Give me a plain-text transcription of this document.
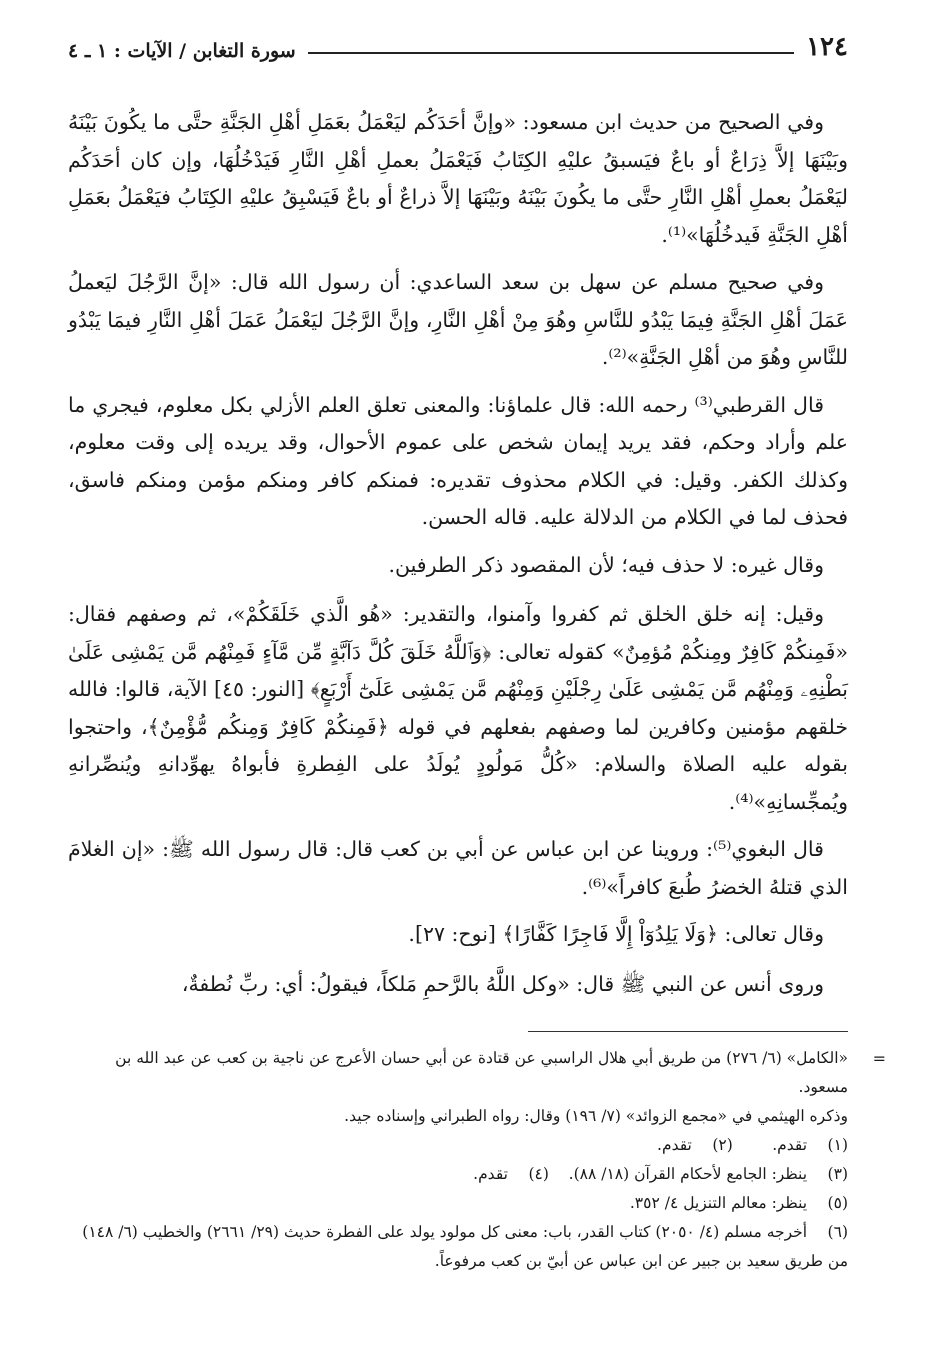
١٢٤
سورة التغابن / الآيات : ١ ـ ٤

وفي الصحيح من حديث ابن مسعود: «وإنَّ أحَدَكُم ليَعْمَلُ بعَمَلِ أهْلِ الجَنَّةِ حتَّى ما يكُونَ بَيْنَهُ وبَيْنَهَا إلاَّ ذِرَاعٌ أو باعٌ فيَسبقُ عليْهِ الكِتَابُ فَيَعْمَلُ بعملِ أهْلِ النَّارِ فَيَدْخُلُهَا، وإن كان أحَدَكُم ليَعْمَلُ بعملِ أهْلِ النَّارِ حتَّى ما يكُونَ بَيْنَهُ وبَيْنَهَا إلاَّ ذراعٌ أو باعٌ فَيَسْبِقُ عليْهِ الكِتَابُ فيَعْمَلُ بعَمَلِ أهْلِ الجَنَّةِ فَيدخُلُهَا»⁽¹⁾.

وفي صحيح مسلم عن سهل بن سعد الساعدي: أن رسول الله قال: «إنَّ الرَّجُلَ ليَعملُ عَمَلَ أهْلِ الجَنَّةِ فِيمَا يَبْدُو للنَّاسِ وهُوَ مِنْ أهْلِ النَّارِ، وإنَّ الرَّجُلَ ليَعْمَلُ عَمَلَ أهْلِ النَّارِ فيمَا يَبْدُو للنَّاسِ وهُوَ من أهْلِ الجَنَّةِ»⁽²⁾.

قال القرطبي⁽³⁾ رحمه الله: قال علماؤنا: والمعنى تعلق العلم الأزلي بكل معلوم، فيجري ما علم وأراد وحكم، فقد يريد إيمان شخص على عموم الأحوال، وقد يريده إلى وقت معلوم، وكذلك الكفر. وقيل: في الكلام محذوف تقديره: فمنكم كافر ومنكم مؤمن ومنكم فاسق، فحذف لما في الكلام من الدلالة عليه. قاله الحسن.

وقال غيره: لا حذف فيه؛ لأن المقصود ذكر الطرفين.

وقيل: إنه خلق الخلق ثم كفروا وآمنوا، والتقدير: «هُو الَّذي خَلَقَكُمْ»، ثم وصفهم فقال: «فَمِنكُمْ كَافِرٌ ومِنكُمْ مُؤمِنٌ» كقوله تعالى: ﴿وَٱللَّهُ خَلَقَ كُلَّ دَآبَّةٍ مِّن مَّآءٍ فَمِنْهُم مَّن يَمْشِى عَلَىٰ بَطْنِهِۦ وَمِنْهُم مَّن يَمْشِى عَلَىٰ رِجْلَيْنِ وَمِنْهُم مَّن يَمْشِى عَلَىٰٓ أَرْبَعٍ﴾ [النور: ٤٥] الآية، قالوا: فالله خلقهم مؤمنين وكافرين لما وصفهم بفعلهم في قوله ﴿فَمِنكُمْ كَافِرٌ وَمِنكُم مُّؤْمِنٌ﴾، واحتجوا بقوله عليه الصلاة والسلام: «كُلُّ مَولُودٍ يُولَدُ على الفِطرةِ فأبواهُ يهوِّدانهِ ويُنصِّرانهِ ويُمجِّسانِهِ»⁽⁴⁾.

قال البغوي⁽⁵⁾: وروينا عن ابن عباس عن أبي بن كعب قال: قال رسول الله ﷺ: «إن الغلامَ الذي قتلهُ الخضرُ طُبعَ كافراً»⁽⁶⁾.

وقال تعالى: ﴿وَلَا يَلِدُوٓاْ إِلَّا فَاجِرًا كَفَّارًا﴾ [نوح: ٢٧].

وروى أنس عن النبي ﷺ قال: «وكل اللَّهُ بالرَّحمِ مَلكاً، فيقولُ: أي: ربِّ نُطفةٌ،

=
«الكامل» (٦/ ٢٧٦) من طريق أبي هلال الراسبي عن قتادة عن أبي حسان الأعرج عن ناجية بن كعب عن عبد الله بن مسعود.

وذكره الهيثمي في «مجمع الزوائد» (٧/ ١٩٦) وقال: رواه الطبراني وإسناده جيد.

(١) تقدم.        (٢) تقدم.

(٣) ينظر: الجامع لأحكام القرآن (١٨/ ٨٨).    (٤) تقدم.

(٥) ينظر: معالم التنزيل ٤/ ٣٥٢.

(٦) أخرجه مسلم (٤/ ٢٠٥٠) كتاب القدر، باب: معنى كل مولود يولد على الفطرة حديث (٢٩/ ٢٦٦١) والخطيب (٦/ ١٤٨) من طريق سعيد بن جبير عن ابن عباس عن أبيّ بن كعب مرفوعاً.
